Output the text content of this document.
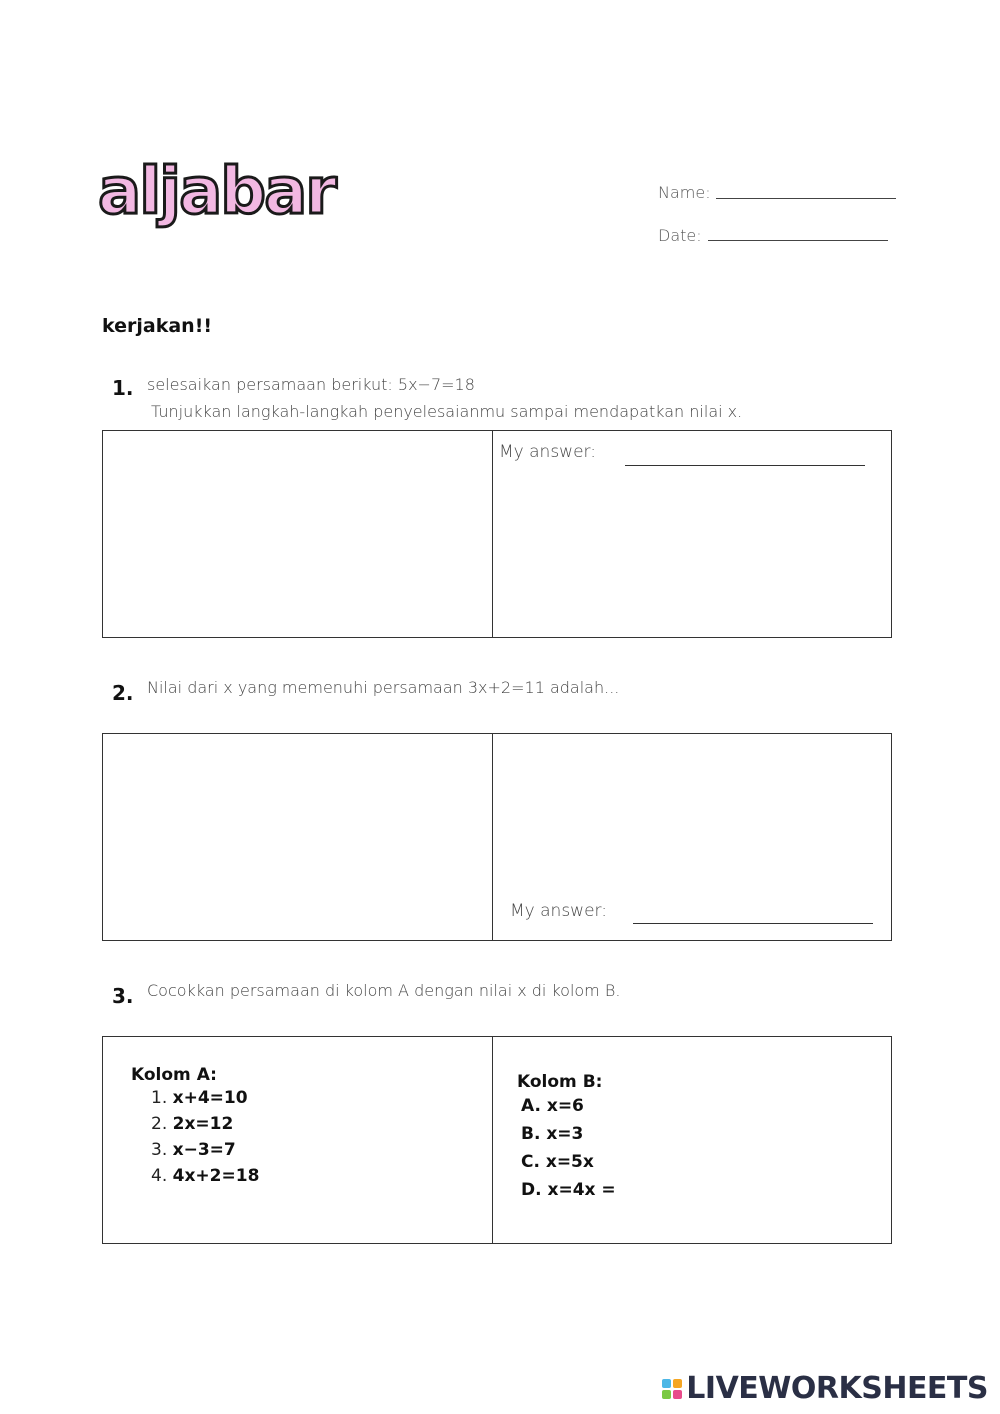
aljabar	Name:
Date:
kerjakan!!
1. selesaikan persamaan berikut: 5x−7=18
Tunjukkan langkah-langkah penyelesaianmu sampai mendapatkan nilai x.
My answer:
2. Nilai dari x yang memenuhi persamaan 3x+2=11 adalah...
My answer:
3. Cocokkan persamaan di kolom A dengan nilai x di kolom B.
Kolom A:
1. x+4=10
2. 2x=12
3. x−3=7
4. 4x+2=18
Kolom B:
A. x=6
B. x=3
C. x=5x
D. x=4x =
LIVEWORKSHEETS
